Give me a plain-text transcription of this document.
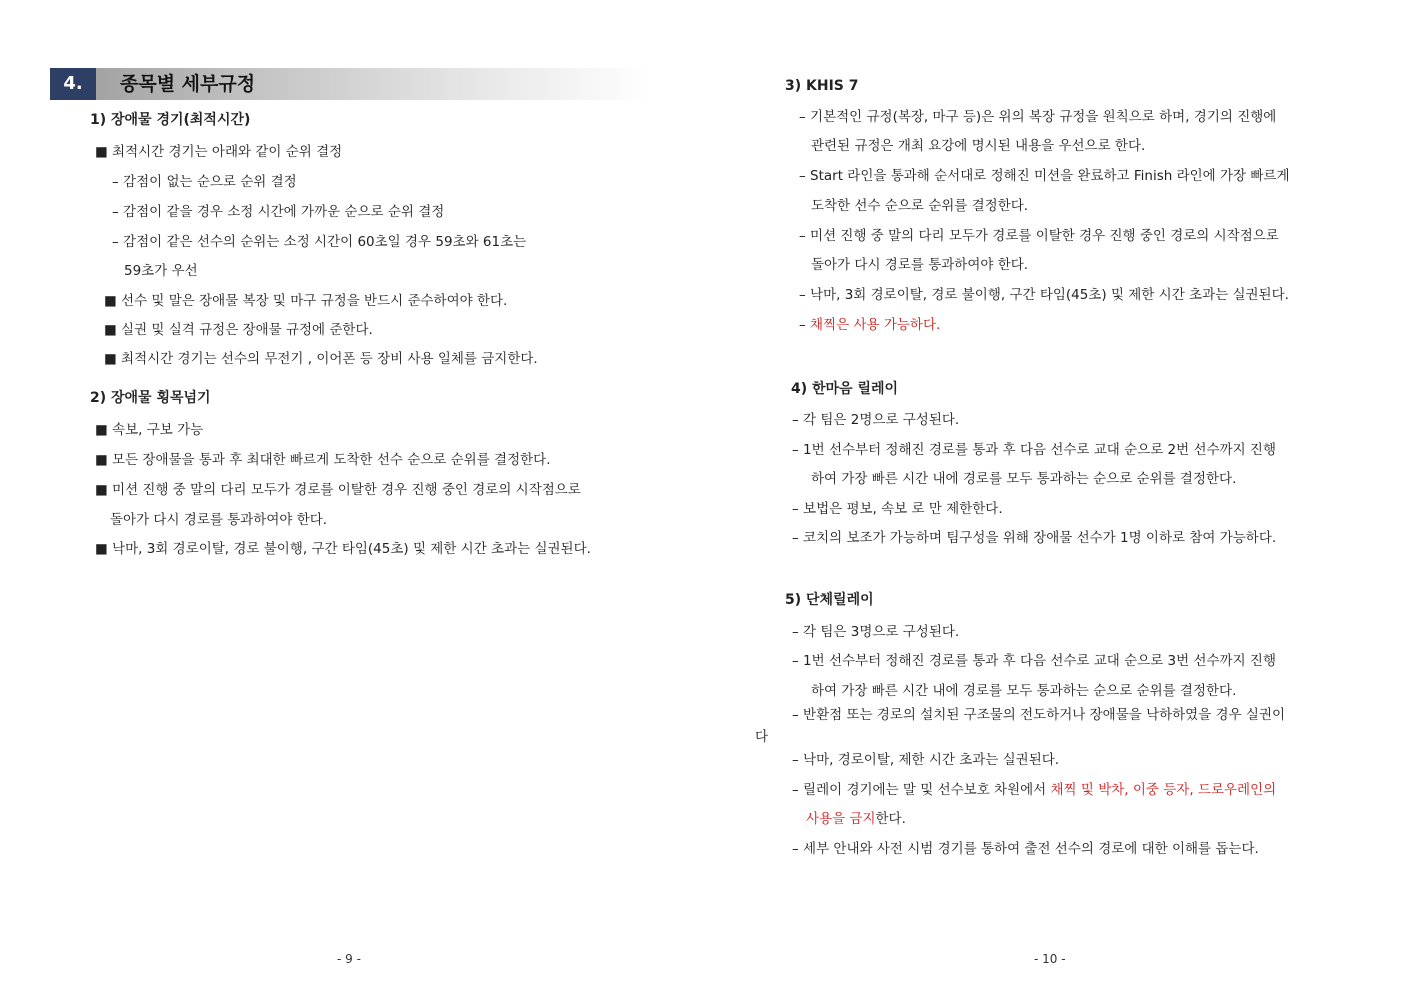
4.	종목별 세부규정
1) 장애물 경기(최적시간)
■ 최적시간 경기는 아래와 같이 순위 결정
– 감점이 없는 순으로 순위 결정
– 감점이 같을 경우 소정 시간에 가까운 순으로 순위 결정
– 감점이 같은 선수의 순위는 소정 시간이 60초일 경우 59초와 61초는
59초가 우선
■ 선수 및 말은 장애물 복장 및 마구 규정을 반드시 준수하여야 한다.
■ 실권 및 실격 규정은 장애물 규정에 준한다.
■ 최적시간 경기는 선수의 무전기 , 이어폰 등 장비 사용 일체를 금지한다.
2) 장애물 횡목넘기
■ 속보, 구보 가능
■ 모든 장애물을 통과 후 최대한 빠르게 도착한 선수 순으로 순위를 결정한다.
■ 미션 진행 중 말의 다리 모두가 경로를 이탈한 경우 진행 중인 경로의 시작점으로
돌아가 다시 경로를 통과하여야 한다.
■ 낙마, 3회 경로이탈, 경로 불이행, 구간 타임(45초) 및 제한 시간 초과는 실권된다.
- 9 -
3) KHIS 7
– 기본적인 규정(복장, 마구 등)은 위의 복장 규정을 원칙으로 하며, 경기의 진행에
관련된 규정은 개최 요강에 명시된 내용을 우선으로 한다.
– Start 라인을 통과해 순서대로 정해진 미션을 완료하고 Finish 라인에 가장 빠르게
도착한 선수 순으로 순위를 결정한다.
– 미션 진행 중 말의 다리 모두가 경로를 이탈한 경우 진행 중인 경로의 시작점으로
돌아가 다시 경로를 통과하여야 한다.
– 낙마, 3회 경로이탈, 경로 불이행, 구간 타임(45초) 및 제한 시간 초과는 실권된다.
– 채찍은 사용 가능하다.
4) 한마음 릴레이
– 각 팀은 2명으로 구성된다.
– 1번 선수부터 정해진 경로를 통과 후 다음 선수로 교대 순으로 2번 선수까지 진행
하여 가장 빠른 시간 내에 경로를 모두 통과하는 순으로 순위를 결정한다.
– 보법은 평보, 속보 로 만 제한한다.
– 코치의 보조가 가능하며 팀구성을 위해 장애물 선수가 1명 이하로 참여 가능하다.
5) 단체릴레이
– 각 팀은 3명으로 구성된다.
– 1번 선수부터 정해진 경로를 통과 후 다음 선수로 교대 순으로 3번 선수까지 진행
하여 가장 빠른 시간 내에 경로를 모두 통과하는 순으로 순위를 결정한다.
– 반환점 또는 경로의 설치된 구조물의 전도하거나 장애물을 낙하하였을 경우 실권이
다
– 낙마, 경로이탈, 제한 시간 초과는 실권된다.
– 릴레이 경기에는 말 및 선수보호 차원에서 채찍 및 박차, 이중 등자, 드로우레인의
사용을 금지한다.
– 세부 안내와 사전 시범 경기를 통하여 출전 선수의 경로에 대한 이해를 돕는다.
- 10 -
